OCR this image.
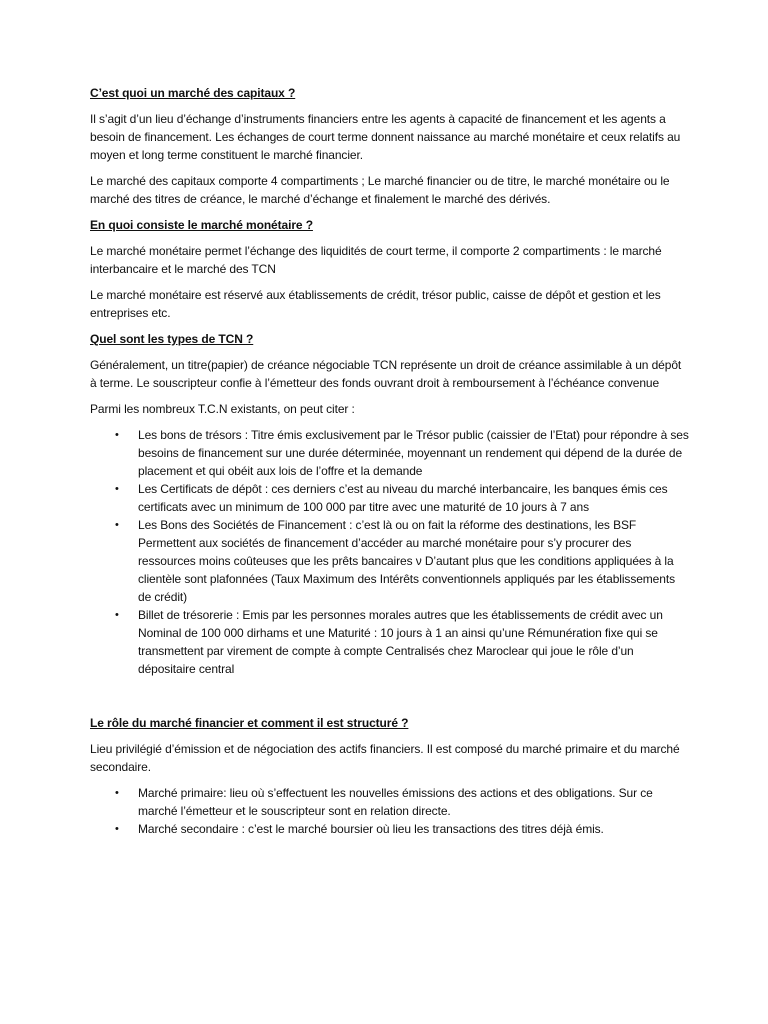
C’est quoi un marché des capitaux ?

Il s’agit d’un lieu d’échange d’instruments financiers entre les agents à capacité de financement et les agents a besoin de financement. Les échanges de court terme donnent naissance au marché monétaire et ceux relatifs au moyen et long terme constituent le marché financier.

Le marché des capitaux comporte 4 compartiments ; Le marché financier ou de titre, le marché monétaire ou le marché des titres de créance, le marché d’échange et finalement le marché des dérivés.

En quoi consiste le marché monétaire ?

Le marché monétaire permet l’échange des liquidités de court terme, il comporte 2 compartiments : le marché interbancaire et le marché des TCN

Le marché monétaire est réservé aux établissements de crédit, trésor public, caisse de dépôt et gestion et les entreprises etc.

Quel sont les types de TCN ?

Généralement, un titre(papier) de créance négociable TCN représente un droit de créance assimilable à un dépôt à terme. Le souscripteur confie à l’émetteur des fonds ouvrant droit à remboursement à l’échéance convenue

Parmi les nombreux T.C.N existants, on peut citer :

• Les bons de trésors : Titre émis exclusivement par le Trésor public (caissier de l’Etat) pour répondre à ses besoins de financement sur une durée déterminée, moyennant un rendement qui dépend de la durée de placement et qui obéit aux lois de l’offre et la demande
• Les Certificats de dépôt : ces derniers c’est au niveau du marché interbancaire, les banques émis ces certificats avec un minimum de 100 000 par titre avec une maturité de 10 jours à 7 ans
• Les Bons des Sociétés de Financement : c’est là ou on fait la réforme des destinations, les BSF Permettent aux sociétés de financement d’accéder au marché monétaire pour s’y procurer des ressources moins coûteuses que les prêts bancaires ν D’autant plus que les conditions appliquées à la clientèle sont plafonnées (Taux Maximum des Intérêts conventionnels appliqués par les établissements de crédit)
• Billet de trésorerie : Emis par les personnes morales autres que les établissements de crédit avec un Nominal de 100 000 dirhams et une Maturité : 10 jours à 1 an ainsi qu’une Rémunération fixe qui se transmettent par virement de compte à compte Centralisés chez Maroclear qui joue le rôle d’un dépositaire central
Le rôle du marché financier et comment il est structuré ?

Lieu privilégié d’émission et de négociation des actifs financiers. Il est composé du marché primaire et du marché secondaire.

• Marché primaire: lieu où s’effectuent les nouvelles émissions des actions et des obligations. Sur ce marché l’émetteur et le souscripteur sont en relation directe.
• Marché secondaire : c’est le marché boursier où lieu les transactions des titres déjà émis.
